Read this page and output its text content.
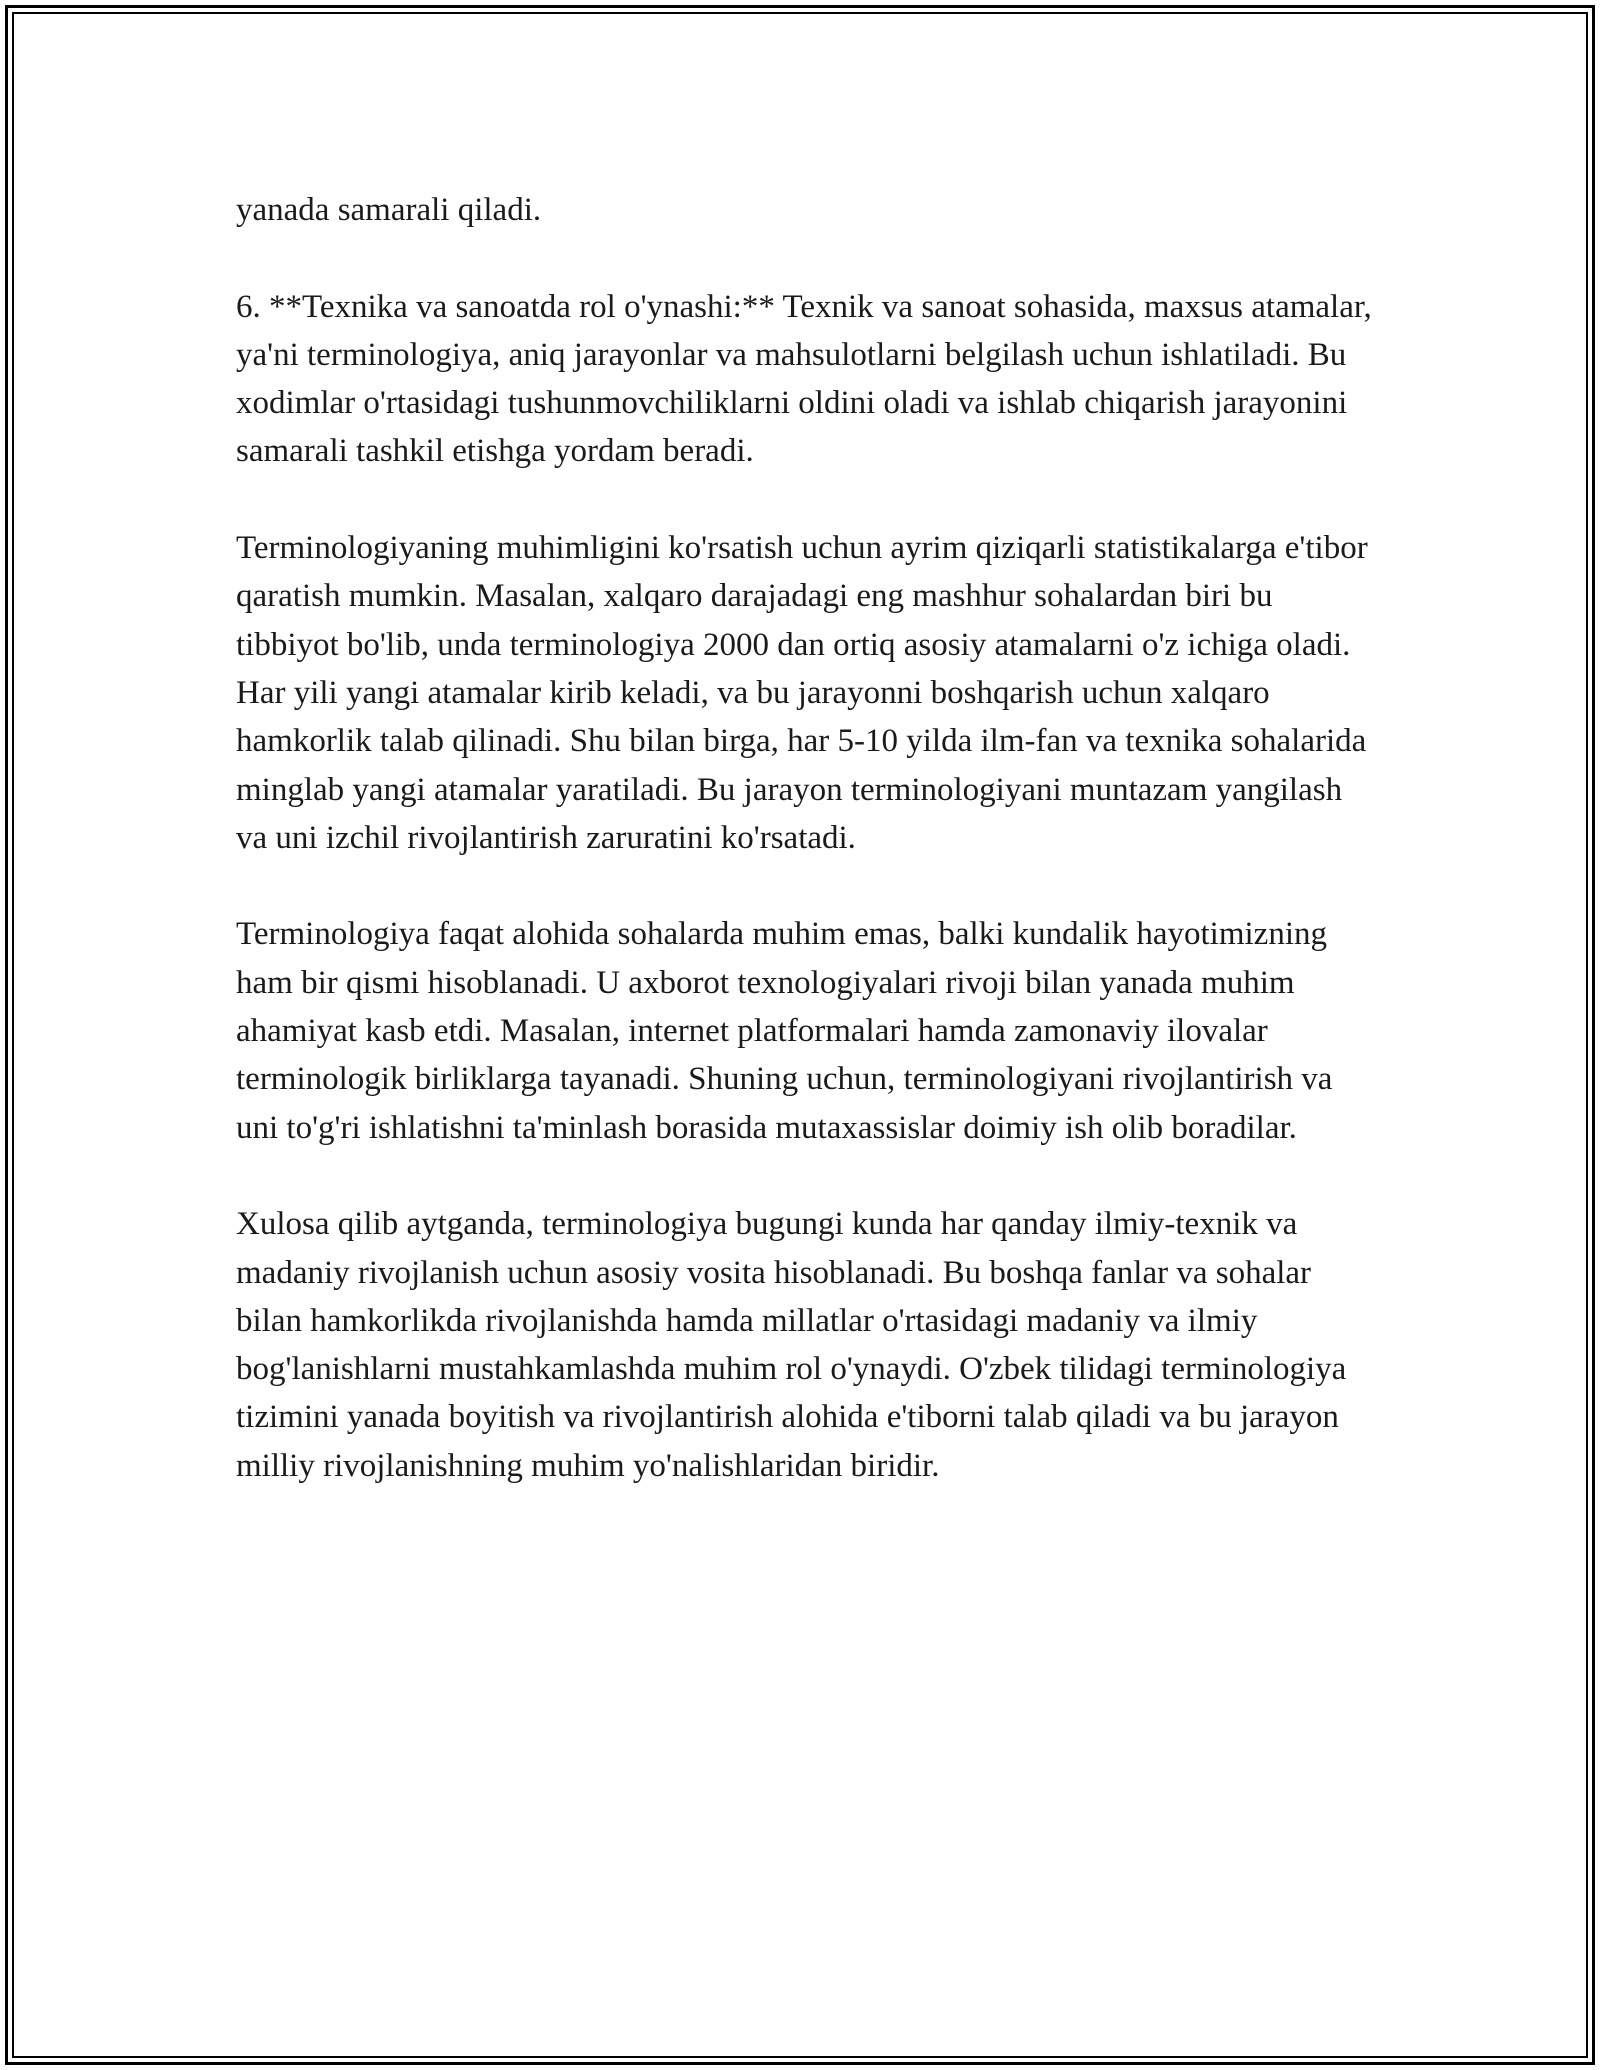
yanada samarali qiladi.

6. **Texnika va sanoatda rol o'ynashi:** Texnik va sanoat sohasida, maxsus atamalar, ya'ni terminologiya, aniq jarayonlar va mahsulotlarni belgilash uchun ishlatiladi. Bu xodimlar o'rtasidagi tushunmovchiliklarni oldini oladi va ishlab chiqarish jarayonini samarali tashkil etishga yordam beradi.

Terminologiyaning muhimligini ko'rsatish uchun ayrim qiziqarli statistikalarga e'tibor qaratish mumkin. Masalan, xalqaro darajadagi eng mashhur sohalardan biri bu tibbiyot bo'lib, unda terminologiya 2000 dan ortiq asosiy atamalarni o'z ichiga oladi. Har yili yangi atamalar kirib keladi, va bu jarayonni boshqarish uchun xalqaro hamkorlik talab qilinadi. Shu bilan birga, har 5-10 yilda ilm-fan va texnika sohalarida minglab yangi atamalar yaratiladi. Bu jarayon terminologiyani muntazam yangilash va uni izchil rivojlantirish zaruratini ko'rsatadi.

Terminologiya faqat alohida sohalarda muhim emas, balki kundalik hayotimizning ham bir qismi hisoblanadi. U axborot texnologiyalari rivoji bilan yanada muhim ahamiyat kasb etdi. Masalan, internet platformalari hamda zamonaviy ilovalar terminologik birliklarga tayanadi. Shuning uchun, terminologiyani rivojlantirish va uni to'g'ri ishlatishni ta'minlash borasida mutaxassislar doimiy ish olib boradilar.

Xulosa qilib aytganda, terminologiya bugungi kunda har qanday ilmiy-texnik va madaniy rivojlanish uchun asosiy vosita hisoblanadi. Bu boshqa fanlar va sohalar bilan hamkorlikda rivojlanishda hamda millatlar o'rtasidagi madaniy va ilmiy bog'lanishlarni mustahkamlashda muhim rol o'ynaydi. O'zbek tilidagi terminologiya tizimini yanada boyitish va rivojlantirish alohida e'tiborni talab qiladi va bu jarayon milliy rivojlanishning muhim yo'nalishlaridan biridir.
